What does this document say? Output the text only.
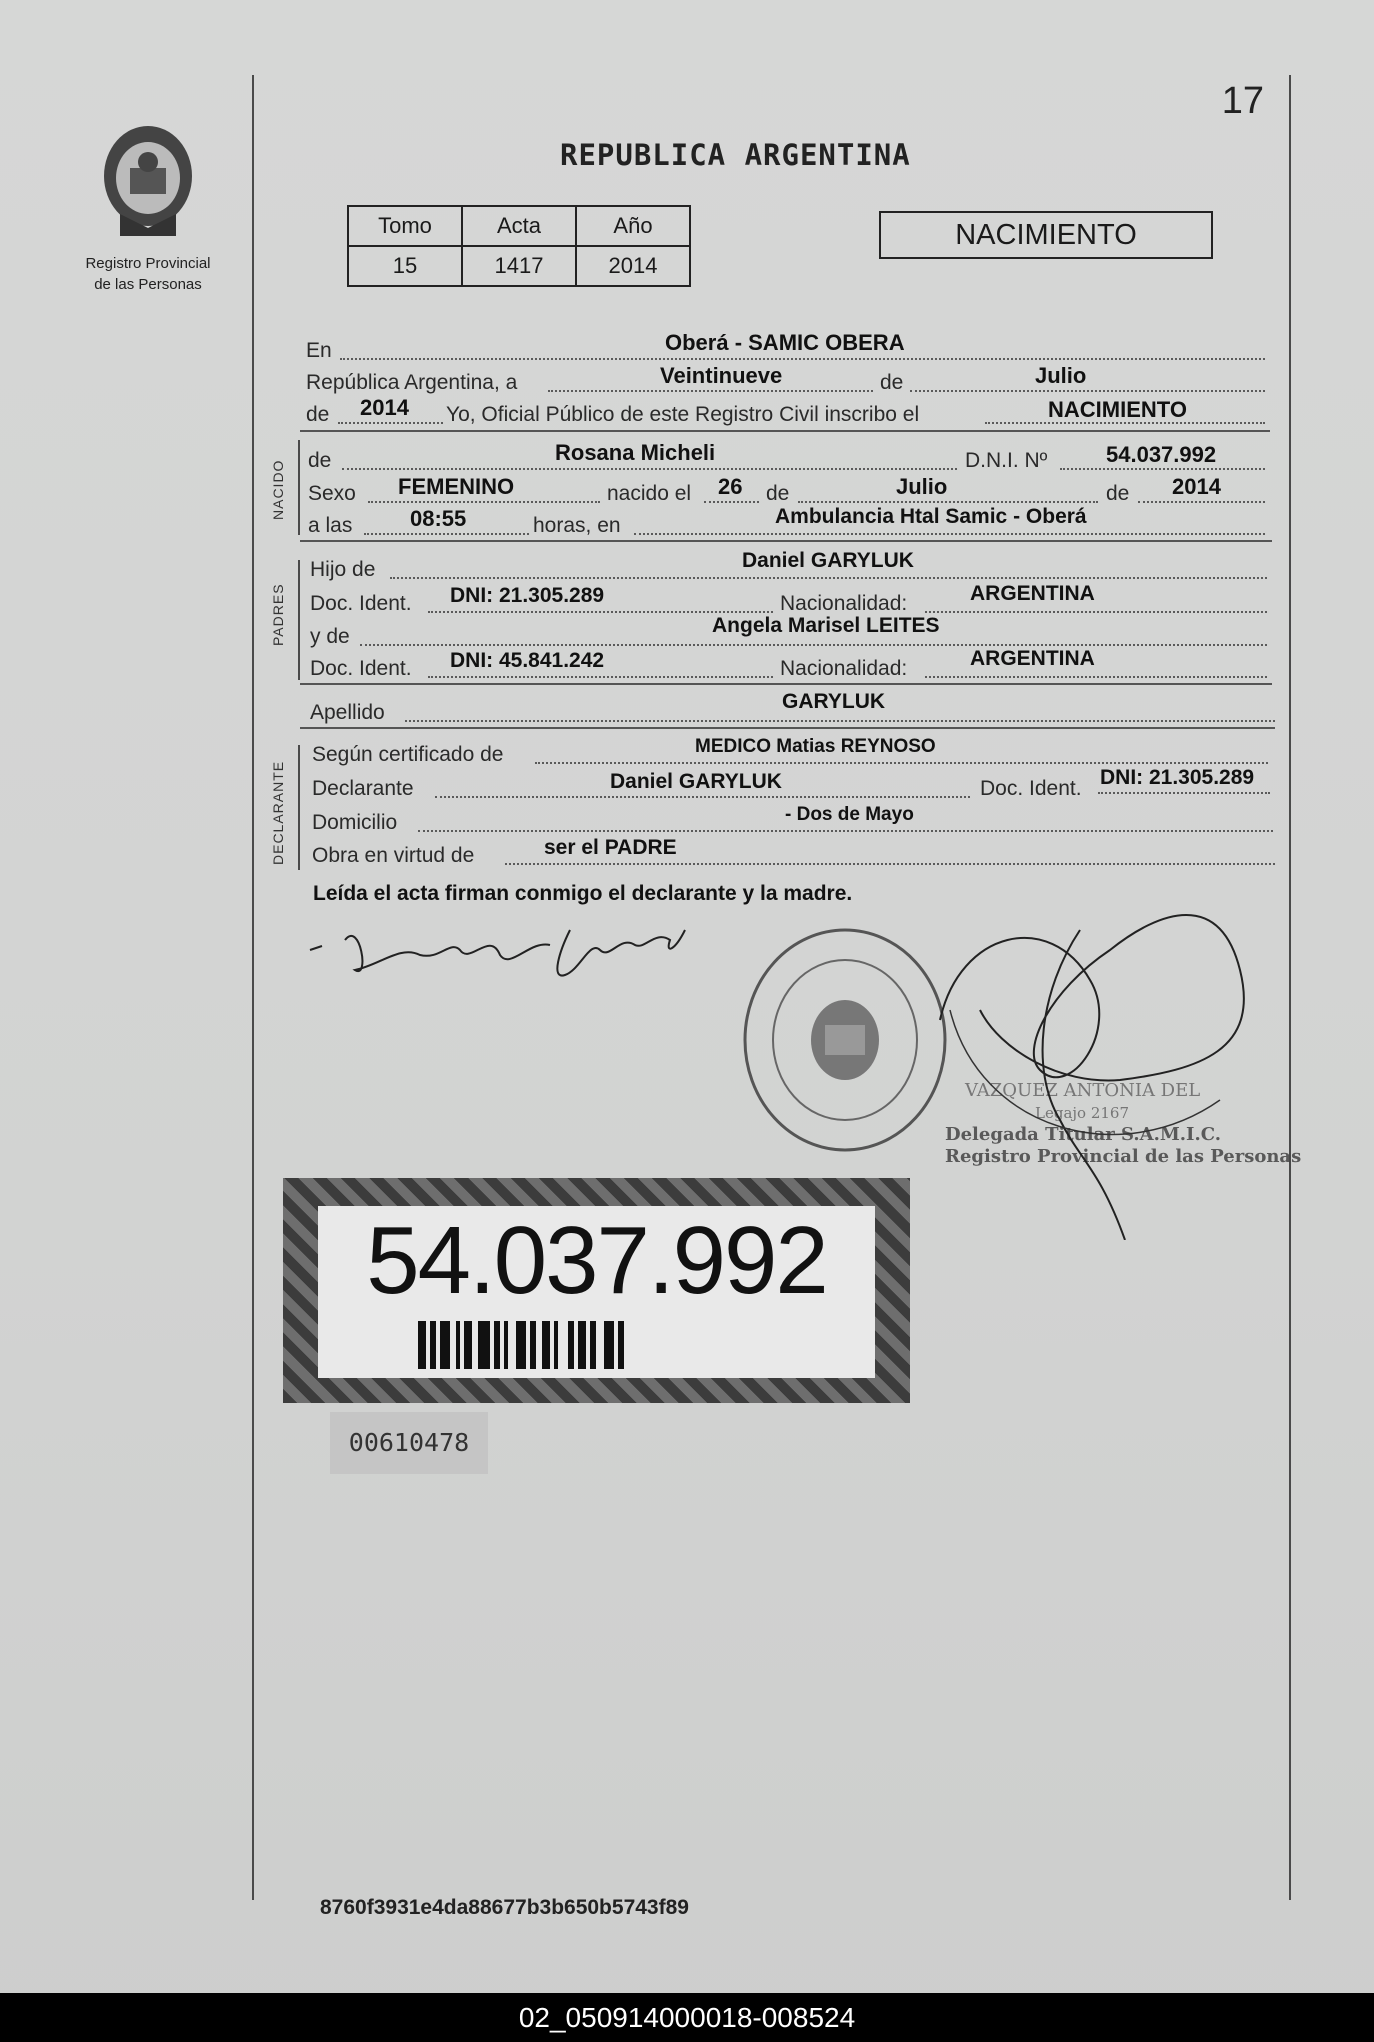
Registro Provincial
de las Personas
17
REPUBLICA ARGENTINA
Tomo	Acta	Año
15	1417	2014
NACIMIENTO
NACIDO
PADRES
DECLARANTE
En	Oberá - SAMIC OBERA
República Argentina, a	Veintinueve	de	Julio
de 2014 Yo, Oficial Público de este Registro Civil inscribo el	NACIMIENTO
de	Rosana Micheli	D.N.I. Nº	54.037.992
Sexo FEMENINO	nacido el 26 de	Julio	de 2014
a las	08:55	horas, en	Ambulancia Htal Samic - Oberá
Hijo de	Daniel GARYLUK
Doc. Ident. DNI: 21.305.289	Nacionalidad:	ARGENTINA
y de	Angela Marisel LEITES
Doc. Ident. DNI: 45.841.242	Nacionalidad:	ARGENTINA
Apellido	GARYLUK
Según certificado de	MEDICO Matias REYNOSO
Declarante	Daniel GARYLUK	Doc. Ident. DNI: 21.305.289
Domicilio	- Dos de Mayo
Obra en virtud de	ser el PADRE
Leída el acta firman conmigo el declarante y la madre.
VAZQUEZ ANTONIA DEL
Legajo 2167
Delegada Titular S.A.M.I.C.
Registro Provincial de las Personas
54.037.992
00610478
8760f3931e4da88677b3b650b5743f89
02_050914000018-008524
